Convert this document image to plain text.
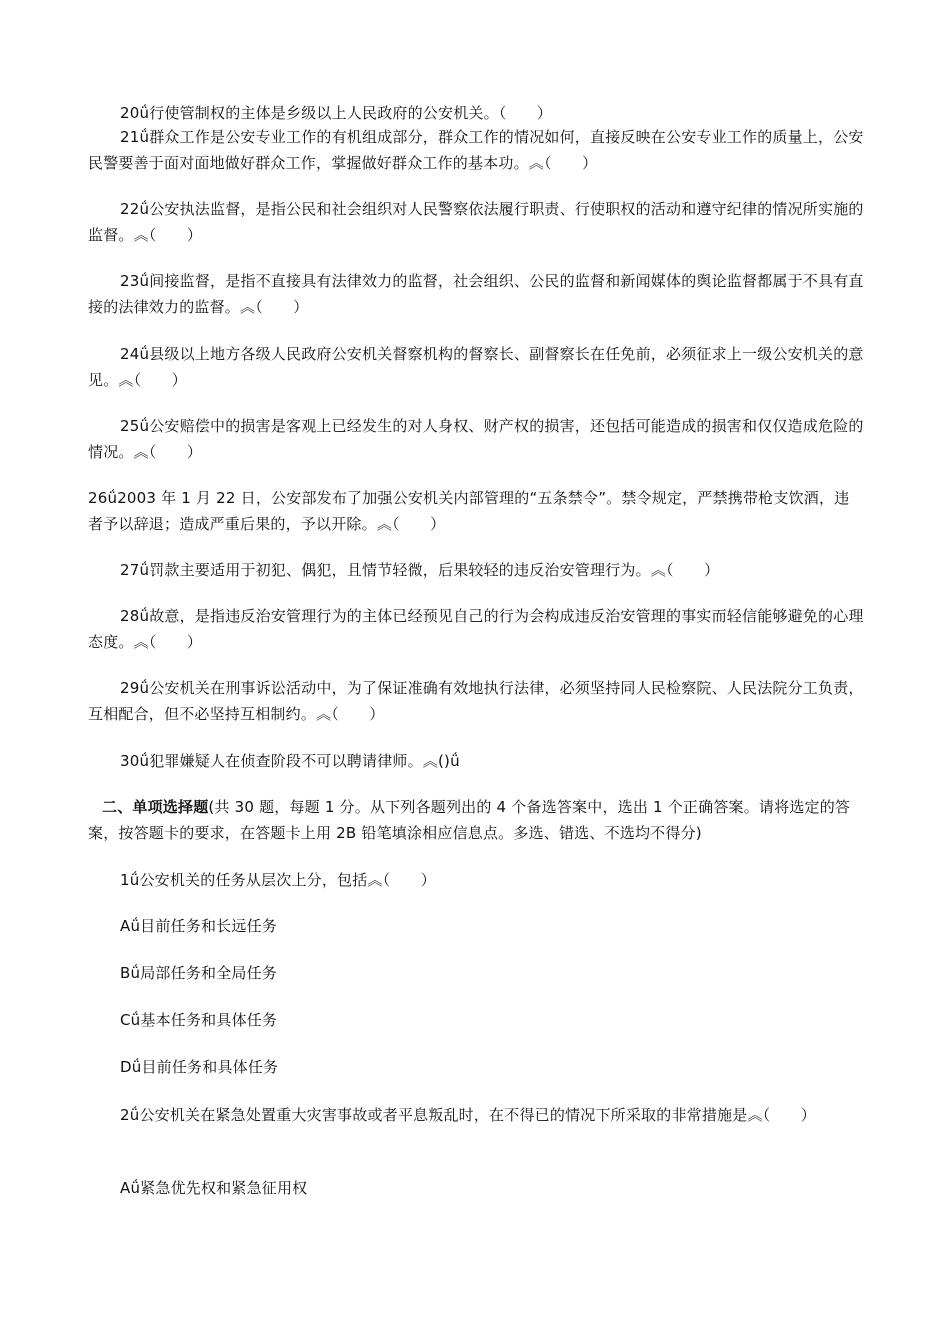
20ǘ行使管制权的主体是乡级以上人民政府的公安机关。（　　）

21ǘ群众工作是公安专业工作的有机组成部分，群众工作的情况如何，直接反映在公安专业工作的质量上，公安民警要善于面对面地做好群众工作，掌握做好群众工作的基本功。︽（　　）

22ǘ公安执法监督，是指公民和社会组织对人民警察依法履行职责、行使职权的活动和遵守纪律的情况所实施的监督。︽（　　）

23ǘ间接监督，是指不直接具有法律效力的监督，社会组织、公民的监督和新闻媒体的舆论监督都属于不具有直接的法律效力的监督。︽（　　）

24ǘ县级以上地方各级人民政府公安机关督察机构的督察长、副督察长在任免前，必须征求上一级公安机关的意见。︽（　　）

25ǘ公安赔偿中的损害是客观上已经发生的对人身权、财产权的损害，还包括可能造成的损害和仅仅造成危险的情况。︽（　　）

26ǘ2003 年 1 月 22 日，公安部发布了加强公安机关内部管理的“五条禁令”。禁令规定，严禁携带枪支饮酒，违者予以辞退；造成严重后果的，予以开除。︽（　　）

27ǘ罚款主要适用于初犯、偶犯，且情节轻微，后果较轻的违反治安管理行为。︽（　　）

28ǘ故意，是指违反治安管理行为的主体已经预见自己的行为会构成违反治安管理的事实而轻信能够避免的心理态度。︽（　　）

29ǘ公安机关在刑事诉讼活动中，为了保证准确有效地执行法律，必须坚持同人民检察院、人民法院分工负责，互相配合，但不必坚持互相制约。︽（　　）

30ǘ犯罪嫌疑人在侦查阶段不可以聘请律师。︽()ǘ

二、单项选择题(共 30 题，每题 1 分。从下列各题列出的 4 个备选答案中，选出 1 个正确答案。请将选定的答案，按答题卡的要求，在答题卡上用 2B 铅笔填涂相应信息点。多选、错选、不选均不得分)

1ǘ公安机关的任务从层次上分，包括︽（　　）

Aǘ目前任务和长远任务

Bǘ局部任务和全局任务

Cǘ基本任务和具体任务

Dǘ目前任务和具体任务

2ǘ公安机关在紧急处置重大灾害事故或者平息叛乱时，在不得已的情况下所采取的非常措施是︽（　　）

Aǘ紧急优先权和紧急征用权
